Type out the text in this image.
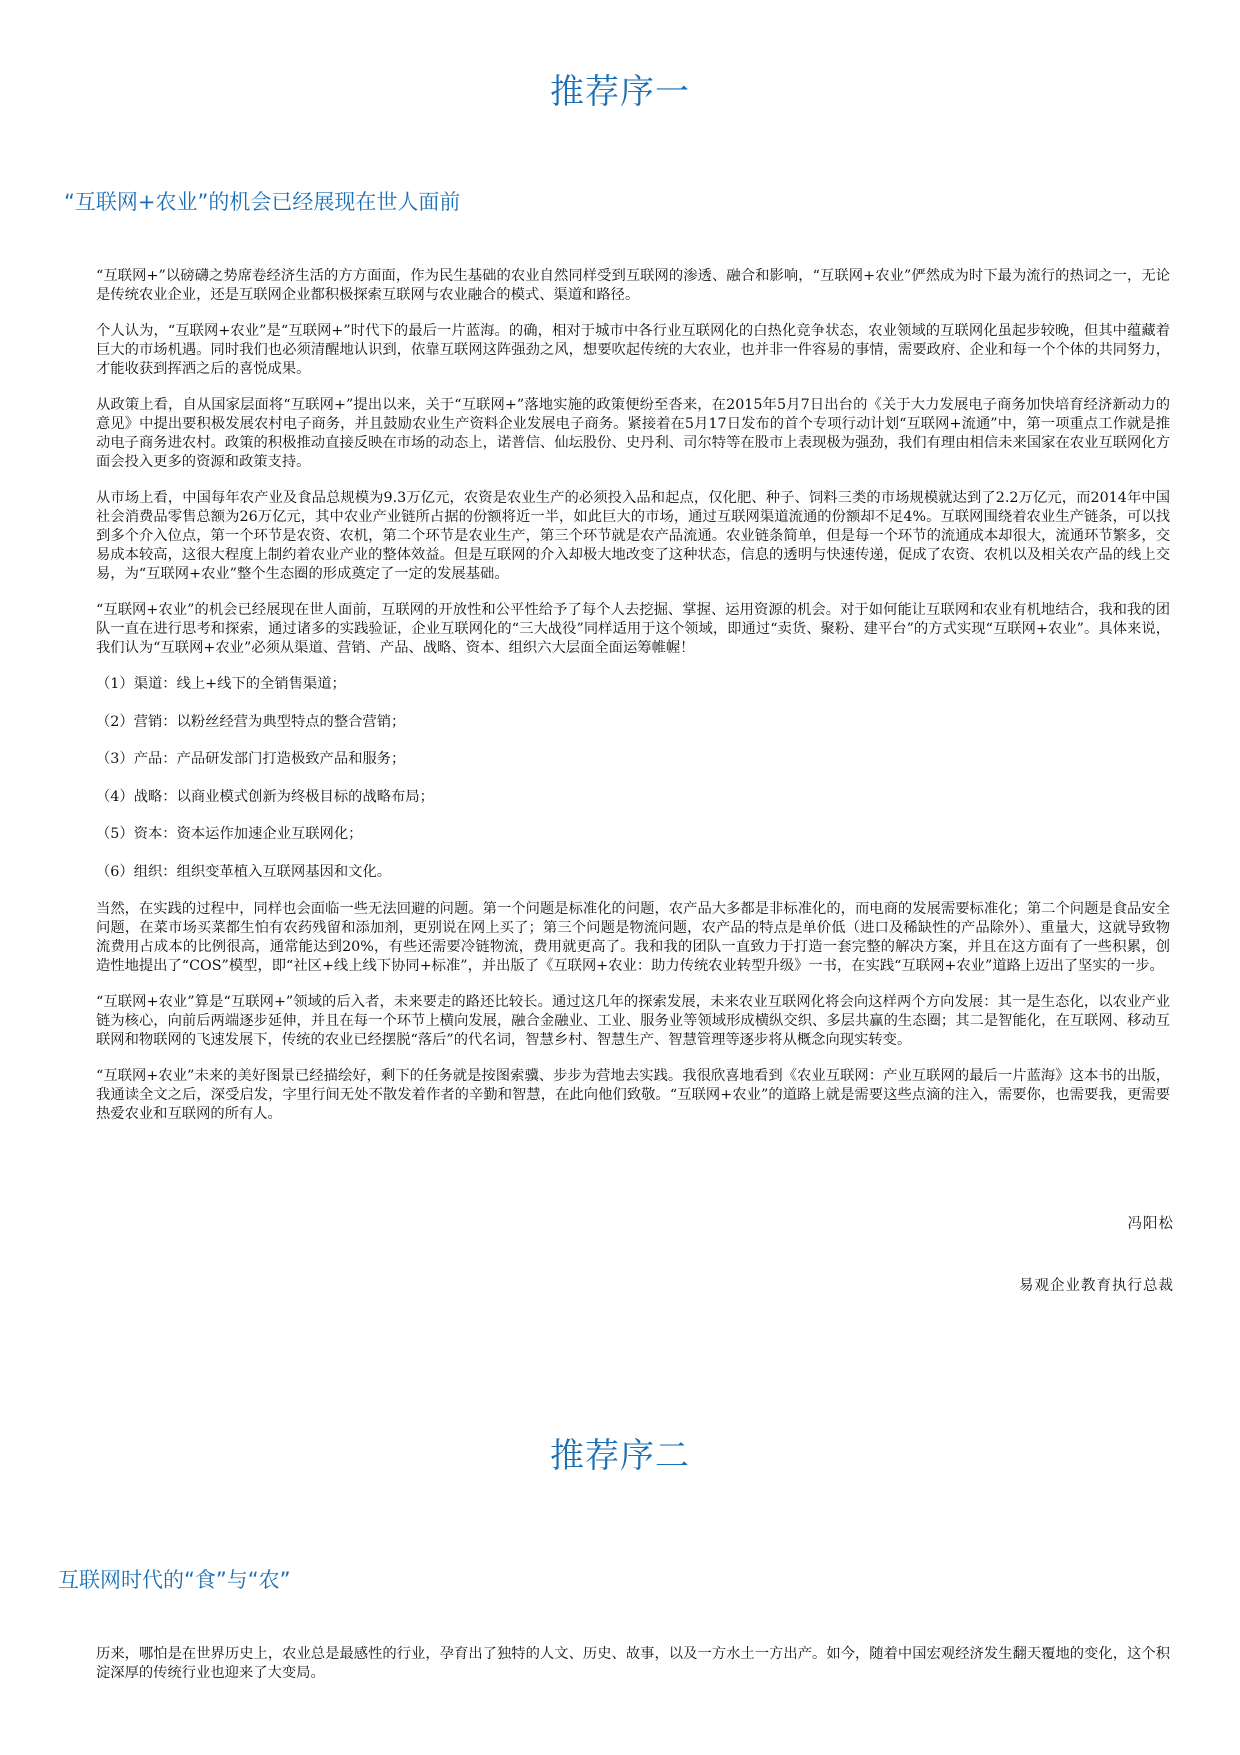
推荐序一
“互联网+农业”的机会已经展现在世人面前

“互联网+”以磅礴之势席卷经济生活的方方面面，作为民生基础的农业自然同样受到互联网的渗透、融合和影响，“互联网+农业”俨然成为时下最为流行的热词之一，无论是传统农业企业，还是互联网企业都积极探索互联网与农业融合的模式、渠道和路径。

个人认为，“互联网+农业”是“互联网+”时代下的最后一片蓝海。的确，相对于城市中各行业互联网化的白热化竞争状态，农业领域的互联网化虽起步较晚，但其中蕴藏着巨大的市场机遇。同时我们也必须清醒地认识到，依靠互联网这阵强劲之风，想要吹起传统的大农业，也并非一件容易的事情，需要政府、企业和每一个个体的共同努力，才能收获到挥洒之后的喜悦成果。

从政策上看，自从国家层面将“互联网+”提出以来，关于“互联网+”落地实施的政策便纷至沓来，在2015年5月7日出台的《关于大力发展电子商务加快培育经济新动力的意见》中提出要积极发展农村电子商务，并且鼓励农业生产资料企业发展电子商务。紧接着在5月17日发布的首个专项行动计划“互联网+流通”中，第一项重点工作就是推动电子商务进农村。政策的积极推动直接反映在市场的动态上，诺普信、仙坛股份、史丹利、司尔特等在股市上表现极为强劲，我们有理由相信未来国家在农业互联网化方面会投入更多的资源和政策支持。

从市场上看，中国每年农产业及食品总规模为9.3万亿元，农资是农业生产的必须投入品和起点，仅化肥、种子、饲料三类的市场规模就达到了2.2万亿元，而2014年中国社会消费品零售总额为26万亿元，其中农业产业链所占据的份额将近一半，如此巨大的市场，通过互联网渠道流通的份额却不足4%。互联网围绕着农业生产链条，可以找到多个介入位点，第一个环节是农资、农机，第二个环节是农业生产，第三个环节就是农产品流通。农业链条简单，但是每一个环节的流通成本却很大，流通环节繁多，交易成本较高，这很大程度上制约着农业产业的整体效益。但是互联网的介入却极大地改变了这种状态，信息的透明与快速传递，促成了农资、农机以及相关农产品的线上交易，为“互联网+农业”整个生态圈的形成奠定了一定的发展基础。

“互联网+农业”的机会已经展现在世人面前，互联网的开放性和公平性给予了每个人去挖掘、掌握、运用资源的机会。对于如何能让互联网和农业有机地结合，我和我的团队一直在进行思考和探索，通过诸多的实践验证，企业互联网化的“三大战役”同样适用于这个领域，即通过“卖货、聚粉、建平台”的方式实现“互联网+农业”。具体来说，我们认为“互联网+农业”必须从渠道、营销、产品、战略、资本、组织六大层面全面运筹帷幄！

（1）渠道：线上+线下的全销售渠道；

（2）营销：以粉丝经营为典型特点的整合营销；

（3）产品：产品研发部门打造极致产品和服务；

（4）战略：以商业模式创新为终极目标的战略布局；

（5）资本：资本运作加速企业互联网化；

（6）组织：组织变革植入互联网基因和文化。

当然，在实践的过程中，同样也会面临一些无法回避的问题。第一个问题是标准化的问题，农产品大多都是非标准化的，而电商的发展需要标准化；第二个问题是食品安全问题，在菜市场买菜都生怕有农药残留和添加剂，更别说在网上买了；第三个问题是物流问题，农产品的特点是单价低（进口及稀缺性的产品除外）、重量大，这就导致物流费用占成本的比例很高，通常能达到20%，有些还需要冷链物流，费用就更高了。我和我的团队一直致力于打造一套完整的解决方案，并且在这方面有了一些积累，创造性地提出了“COS”模型，即“社区+线上线下协同+标准”，并出版了《互联网+农业：助力传统农业转型升级》一书，在实践“互联网+农业”道路上迈出了坚实的一步。

“互联网+农业”算是“互联网+”领域的后入者，未来要走的路还比较长。通过这几年的探索发展，未来农业互联网化将会向这样两个方向发展：其一是生态化，以农业产业链为核心，向前后两端逐步延伸，并且在每一个环节上横向发展，融合金融业、工业、服务业等领域形成横纵交织、多层共赢的生态圈；其二是智能化，在互联网、移动互联网和物联网的飞速发展下，传统的农业已经摆脱“落后”的代名词，智慧乡村、智慧生产、智慧管理等逐步将从概念向现实转变。

“互联网+农业”未来的美好图景已经描绘好，剩下的任务就是按图索骥、步步为营地去实践。我很欣喜地看到《农业互联网：产业互联网的最后一片蓝海》这本书的出版，我通读全文之后，深受启发，字里行间无处不散发着作者的辛勤和智慧，在此向他们致敬。“互联网+农业”的道路上就是需要这些点滴的注入，需要你，也需要我，更需要热爱农业和互联网的所有人。

冯阳松

易观企业教育执行总裁

推荐序二
互联网时代的“食”与“农”

历来，哪怕是在世界历史上，农业总是最感性的行业，孕育出了独特的人文、历史、故事，以及一方水土一方出产。如今，随着中国宏观经济发生翻天覆地的变化，这个积淀深厚的传统行业也迎来了大变局。
